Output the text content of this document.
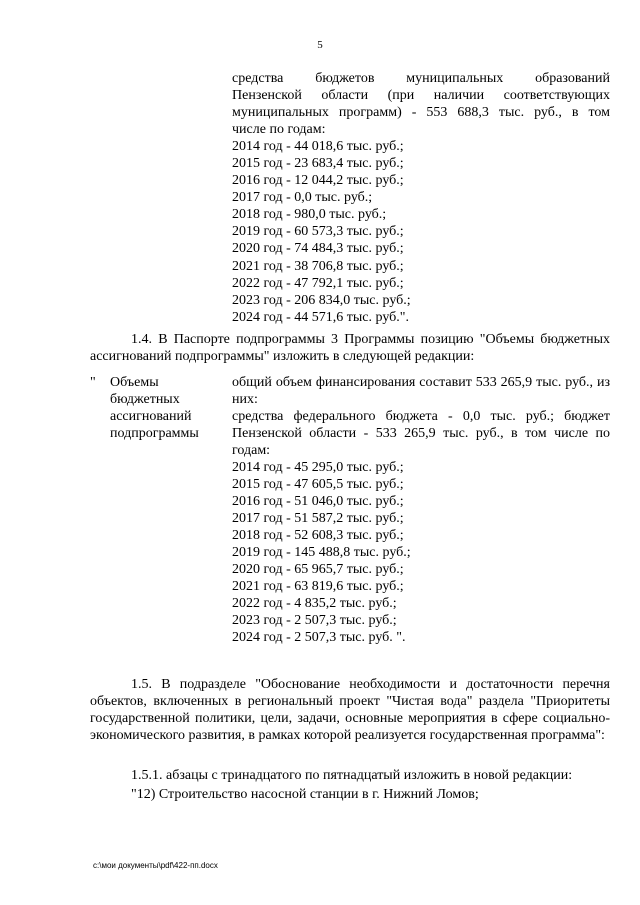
5
средства бюджетов муниципальных образований
Пензенской области (при наличии соответствующих
муниципальных программ) - 553 688,3 тыс. руб., в том
числе по годам:
2014 год - 44 018,6 тыс. руб.;
2015 год - 23 683,4 тыс. руб.;
2016 год - 12 044,2 тыс. руб.;
2017 год - 0,0 тыс. руб.;
2018 год - 980,0 тыс. руб.;
2019 год - 60 573,3 тыс. руб.;
2020 год - 74 484,3 тыс. руб.;
2021 год - 38 706,8 тыс. руб.;
2022 год - 47 792,1 тыс. руб.;
2023 год - 206 834,0 тыс. руб.;
2024 год - 44 571,6 тыс. руб.".
1.4. В Паспорте подпрограммы 3 Программы позицию "Объемы бюджетных ассигнований подпрограммы" изложить в следующей редакции:
" Объемы
бюджетных
ассигнований
подпрограммы
общий объем финансирования составит 533 265,9 тыс. руб., из них:
средства федерального бюджета - 0,0 тыс. руб.; бюджет Пензенской области - 533 265,9 тыс. руб., в том числе по годам:
2014 год - 45 295,0 тыс. руб.;
2015 год - 47 605,5 тыс. руб.;
2016 год - 51 046,0 тыс. руб.;
2017 год - 51 587,2 тыс. руб.;
2018 год - 52 608,3 тыс. руб.;
2019 год - 145 488,8 тыс. руб.;
2020 год - 65 965,7 тыс. руб.;
2021 год - 63 819,6 тыс. руб.;
2022 год - 4 835,2 тыс. руб.;
2023 год - 2 507,3 тыс. руб.;
2024 год - 2 507,3 тыс. руб. ".
1.5. В подразделе "Обоснование необходимости и достаточности перечня объектов, включенных в региональный проект "Чистая вода" раздела "Приоритеты государственной политики, цели, задачи, основные мероприятия в сфере социально-экономического развития, в рамках которой реализуется государственная программа":
1.5.1. абзацы с тринадцатого по пятнадцатый изложить в новой редакции:
"12) Строительство насосной станции в г. Нижний Ломов;
c:\мои документы\pdf\422-пп.docx
